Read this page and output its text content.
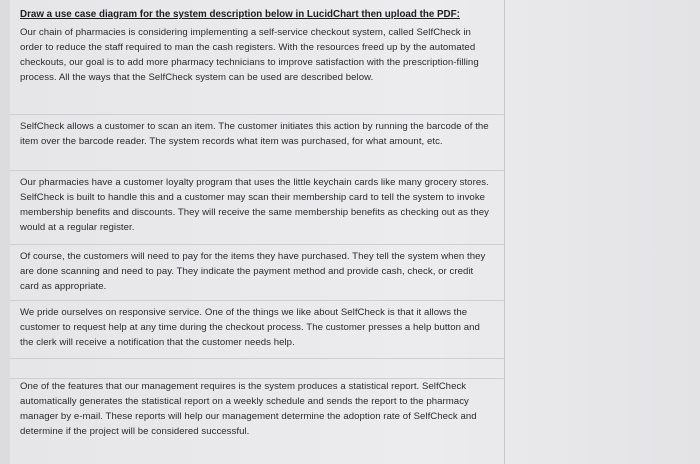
Draw a use case diagram for the system description below in LucidChart then upload the PDF:

Our chain of pharmacies is considering implementing a self-service checkout system, called SelfCheck in order to reduce the staff required to man the cash registers. With the resources freed up by the automated checkouts, our goal is to add more pharmacy technicians to improve satisfaction with the prescription-filling process. All the ways that the SelfCheck system can be used are described below.

SelfCheck allows a customer to scan an item. The customer initiates this action by running the barcode of the item over the barcode reader. The system records what item was purchased, for what amount, etc.

Our pharmacies have a customer loyalty program that uses the little keychain cards like many grocery stores. SelfCheck is built to handle this and a customer may scan their membership card to tell the system to invoke membership benefits and discounts. They will receive the same membership benefits as checking out as they would at a regular register.

Of course, the customers will need to pay for the items they have purchased. They tell the system when they are done scanning and need to pay. They indicate the payment method and provide cash, check, or credit card as appropriate.

We pride ourselves on responsive service. One of the things we like about SelfCheck is that it allows the customer to request help at any time during the checkout process. The customer presses a help button and the clerk will receive a notification that the customer needs help.

One of the features that our management requires is the system produces a statistical report. SelfCheck automatically generates the statistical report on a weekly schedule and sends the report to the pharmacy manager by e-mail. These reports will help our management determine the adoption rate of SelfCheck and determine if the project will be considered successful.
